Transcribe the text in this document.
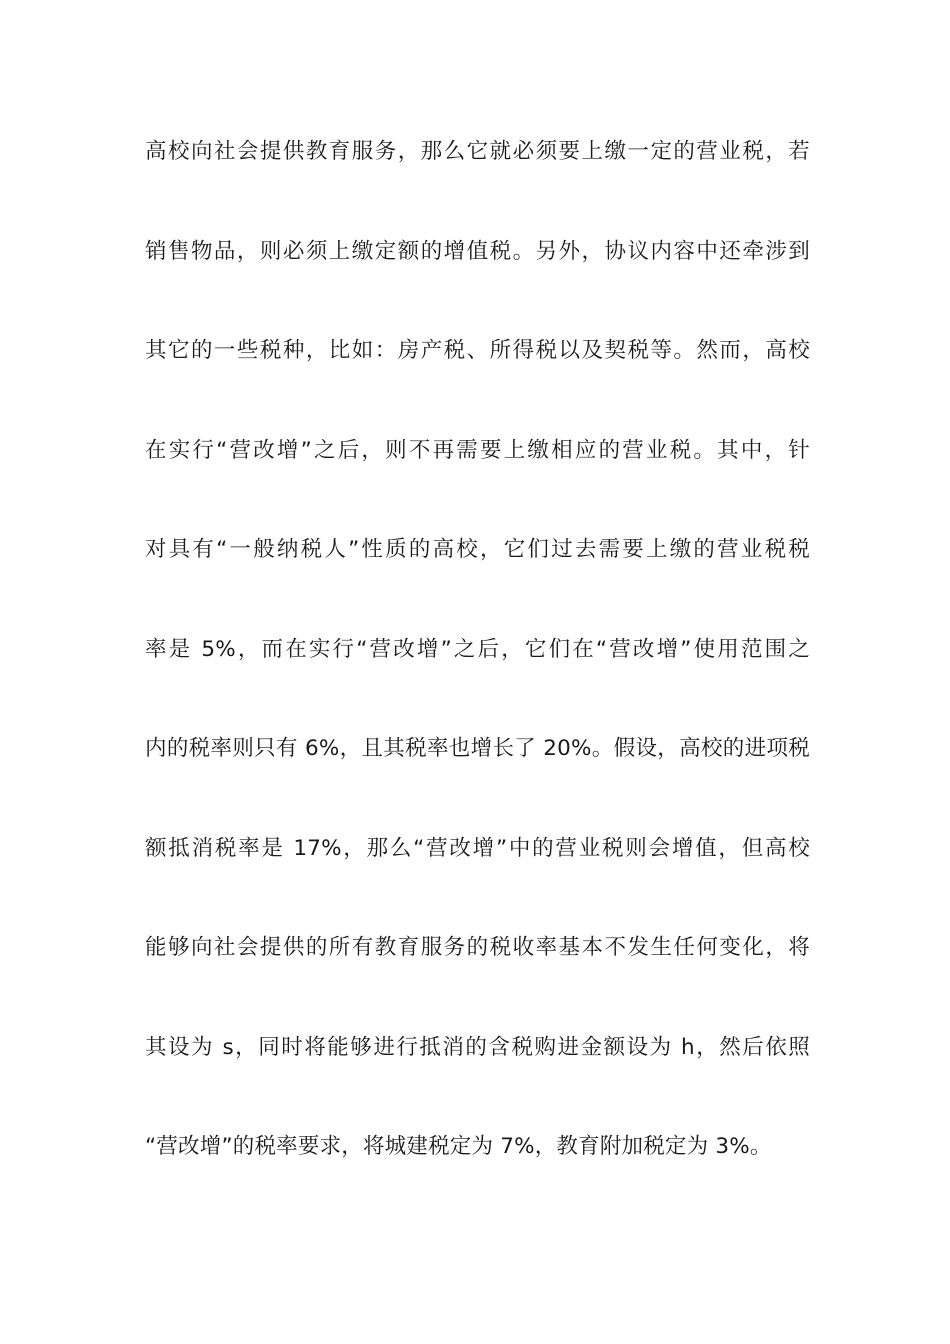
高校向社会提供教育服务，那么它就必须要上缴一定的营业税，若
销售物品，则必须上缴定额的增值税。另外，协议内容中还牵涉到
其它的一些税种，比如：房产税、所得税以及契税等。然而，高校
在实行“营改增”之后，则不再需要上缴相应的营业税。其中，针
对具有“一般纳税人”性质的高校，它们过去需要上缴的营业税税
率是 5%，而在实行“营改增”之后，它们在“营改增”使用范围之
内的税率则只有 6%，且其税率也增长了 20%。假设，高校的进项税
额抵消税率是 17%，那么“营改增”中的营业税则会增值，但高校
能够向社会提供的所有教育服务的税收率基本不发生任何变化，将
其设为 s，同时将能够进行抵消的含税购进金额设为 h，然后依照
“营改增”的税率要求，将城建税定为 7%，教育附加税定为 3%。
